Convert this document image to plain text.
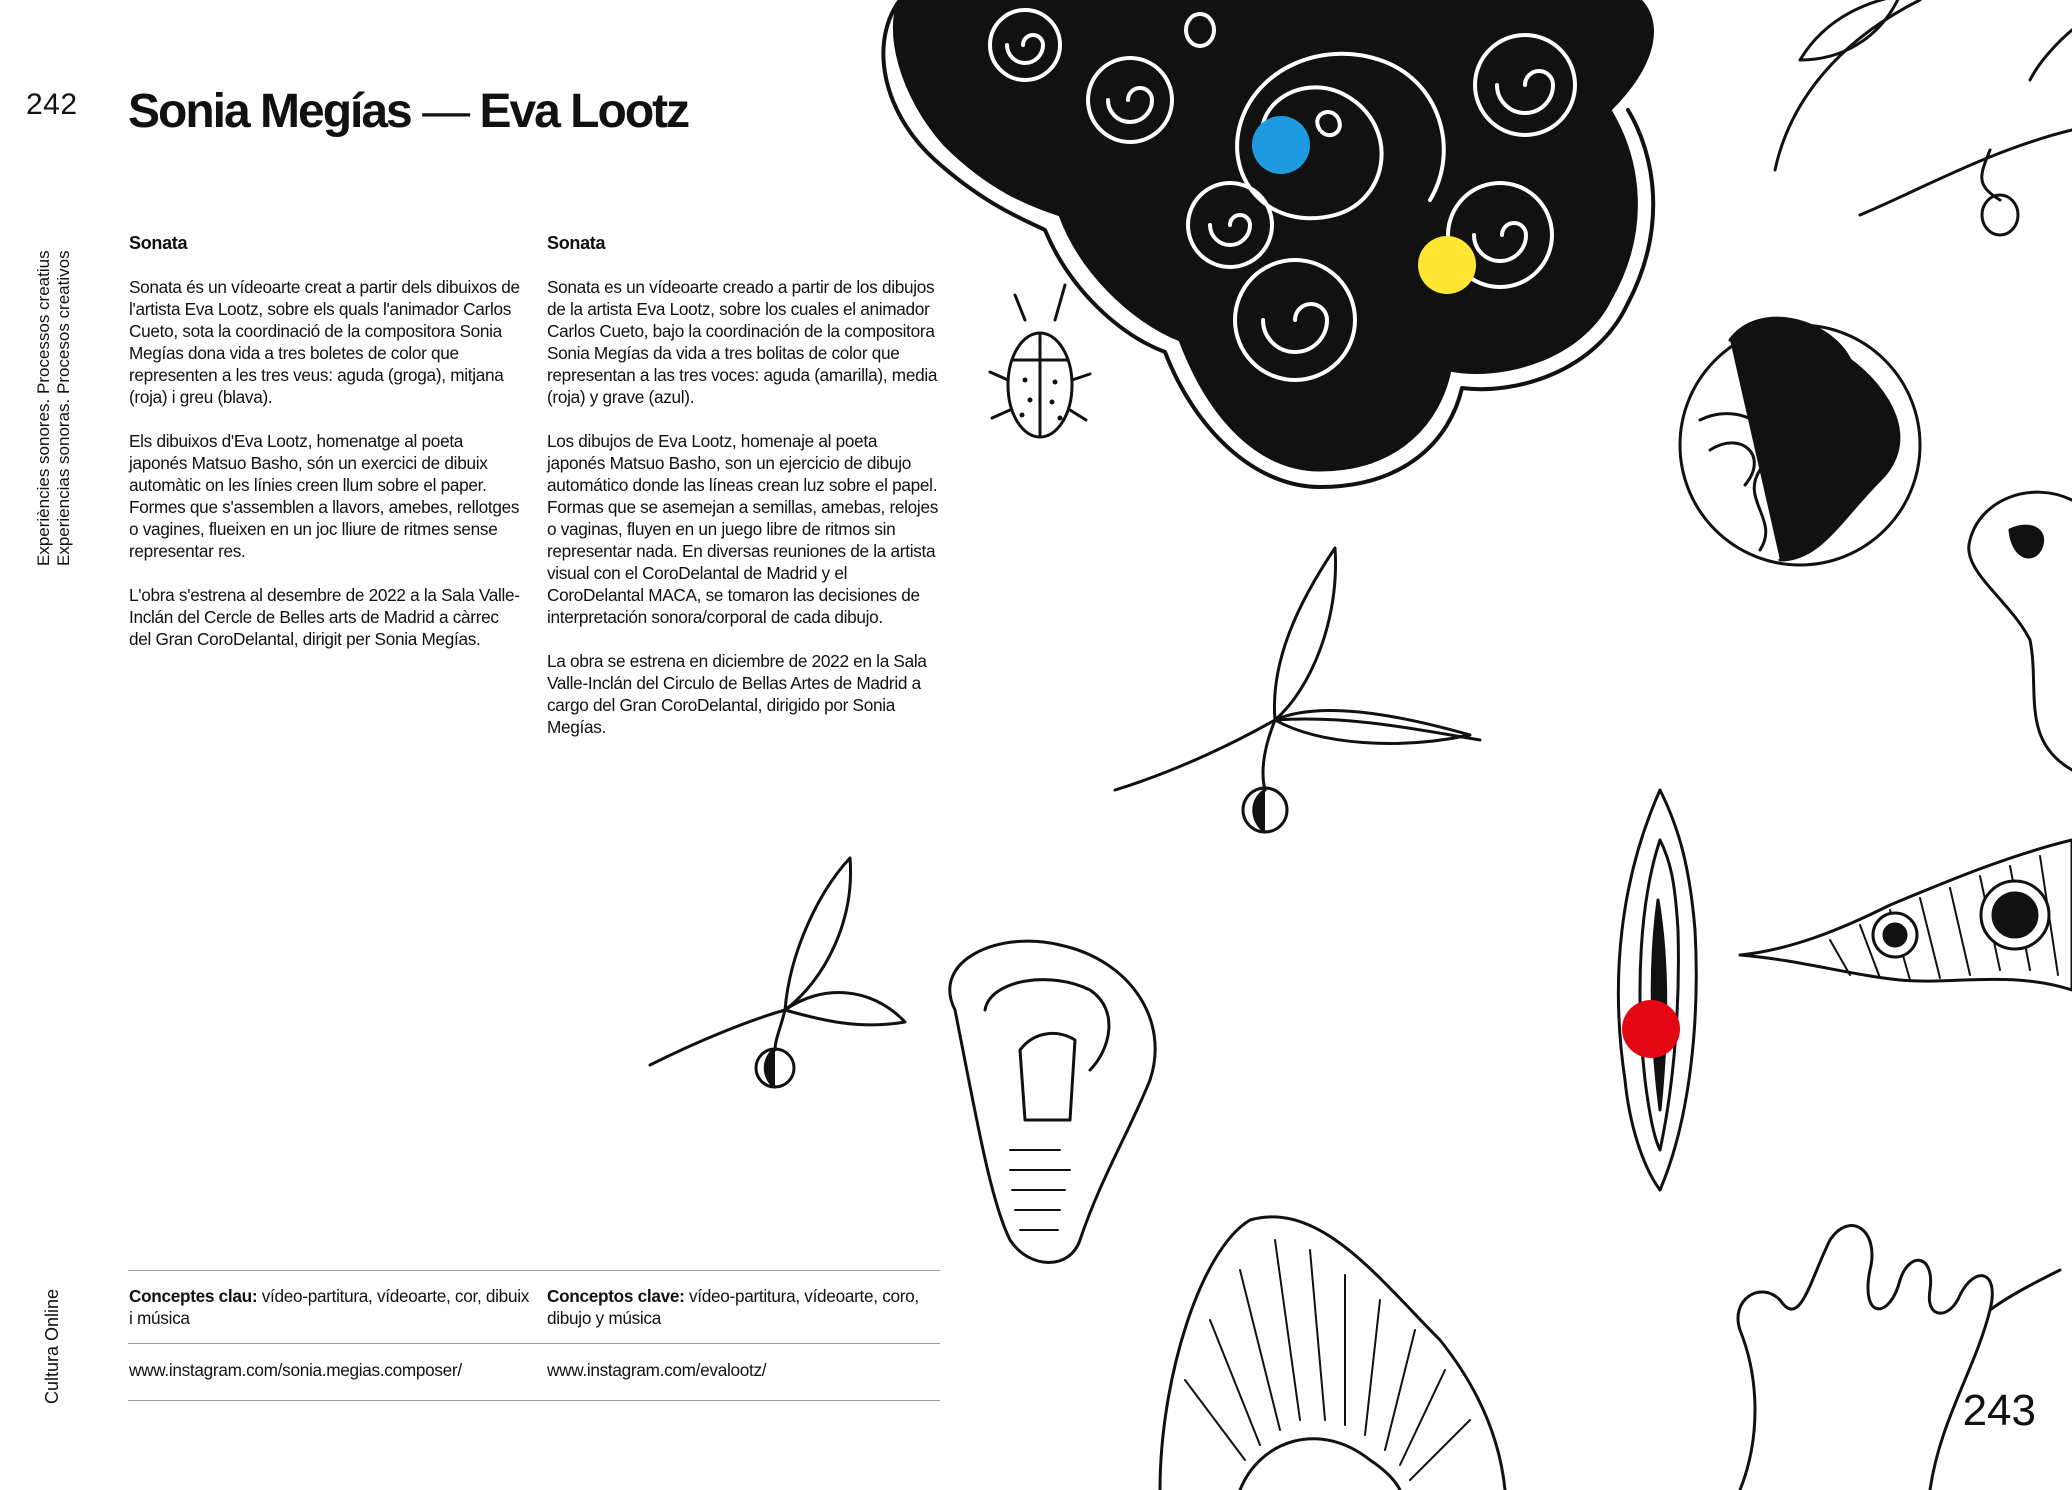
242 Sonia Megías — Eva Lootz
Experiències sonores. Processos creatius Experiencias sonoras. Procesos creativos
Cultura Online
Sonata

Sonata és un vídeoarte creat a partir dels dibuixos de l'artista Eva Lootz, sobre els quals l'animador Carlos Cueto, sota la coordinació de la compositora Sonia Megías dona vida a tres boletes de color que representen a les tres veus: aguda (groga), mitjana (roja) i greu (blava).

Els dibuixos d'Eva Lootz, homenatge al poeta japonés Matsuo Basho, són un exercici de dibuix automàtic on les línies creen llum sobre el paper. Formes que s'assemblen a llavors, amebes, rellotges o vagines, flueixen en un joc lliure de ritmes sense representar res.

L'obra s'estrena al desembre de 2022 a la Sala Valle-Inclán del Cercle de Belles arts de Madrid a càrrec del Gran CoroDelantal, dirigit per Sonia Megías.

Sonata

Sonata es un vídeoarte creado a partir de los dibujos de la artista Eva Lootz, sobre los cuales el animador Carlos Cueto, bajo la coordinación de la compositora Sonia Megías da vida a tres bolitas de color que representan a las tres voces: aguda (amarilla), media (roja) y grave (azul).

Los dibujos de Eva Lootz, homenaje al poeta japonés Matsuo Basho, son un ejercicio de dibujo automático donde las líneas crean luz sobre el papel. Formas que se asemejan a semillas, amebas, relojes o vaginas, fluyen en un juego libre de ritmos sin representar nada. En diversas reuniones de la artista visual con el CoroDelantal de Madrid y el CoroDelantal MACA, se tomaron las decisiones de interpretación sonora/corporal de cada dibujo.

La obra se estrena en diciembre de 2022 en la Sala Valle-Inclán del Circulo de Bellas Artes de Madrid a cargo del Gran CoroDelantal, dirigido por Sonia Megías.

Conceptes clau: vídeo-partitura, vídeoarte, cor, dibuix i música
Conceptos clave: vídeo-partitura, vídeoarte, coro, dibujo y música
www.instagram.com/sonia.megias.composer/	www.instagram.com/evalootz/
243
